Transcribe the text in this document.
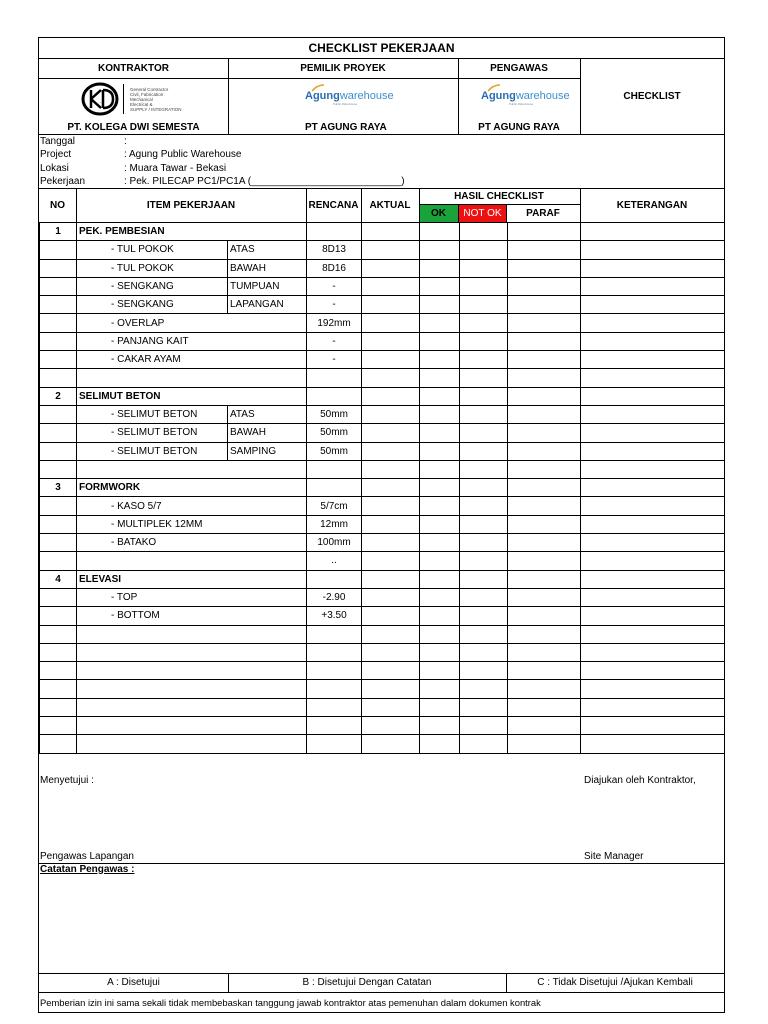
CHECKLIST PEKERJAAN
KONTRAKTOR	PEMILIK PROYEK	PENGAWAS
CHECKLIST
KD
General Contractor
Civil, Fabrication
Mechanical
Electrical &
SUPPLY / INTEGRATION
Agungwarehouse
Public Warehouse
Agungwarehouse
Public Warehouse
PT. KOLEGA DWI SEMESTA	PT AGUNG RAYA	PT AGUNG RAYA
Tanggal	:
Project	: Agung Public Warehouse
Lokasi	: Muara Tawar - Bekasi
Pekerjaan	: Pek. PILECAP PC1/PC1A (___________________________)
NO	ITEM PEKERJAAN	RENCANA	AKTUAL
HASIL CHECKLIST
OK	NOT OK	PARAF
KETERANGAN
1	PEK. PEMBESIAN							
	- TUL POKOK	ATAS	8D13					
	- TUL POKOK	BAWAH	8D16					
	- SENGKANG	TUMPUAN	-					
	- SENGKANG	LAPANGAN	-					
	- OVERLAP		192mm					
	- PANJANG KAIT		-					
	- CAKAR AYAM		-					

2	SELIMUT BETON							
	- SELIMUT BETON	ATAS	50mm					
	- SELIMUT BETON	BAWAH	50mm					
	- SELIMUT BETON	SAMPING	50mm					

3	FORMWORK							
	- KASO 5/7		5/7cm					
	- MULTIPLEK 12MM		12mm					
	- BATAKO		100mm					
			..					
4	ELEVASI							
	- TOP		-2.90					
	- BOTTOM		+3.50					

Menyetujui :	Diajukan oleh Kontraktor,
Pengawas Lapangan	Site Manager
Catatan Pengawas :
A : Disetujui	B : Disetujui Dengan Catatan	C : Tidak Disetujui /Ajukan Kembali
Pemberian izin ini sama sekali tidak membebaskan tanggung jawab kontraktor atas pemenuhan dalam dokumen kontrak
